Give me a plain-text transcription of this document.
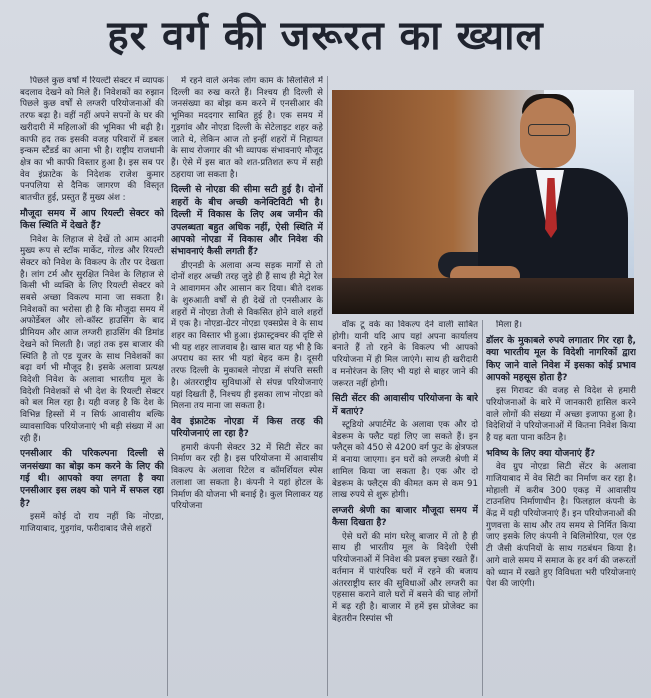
हर वर्ग की जरूरत का ख्याल

पिछले कुछ वर्षों में रियल्टी सेक्टर में व्यापक बदलाव देखने को मिले हैं। निवेशकों का रुझान पिछले कुछ वर्षों से लग्जरी परियोजनाओं की तरफ बढ़ा है। वहीं नहीं अपने सपनों के घर की खरीदारी में महिलाओं की भूमिका भी बढ़ी है। काफी हद तक इसकी वजह परिवारों में डबल इन्कम स्टैंडर्ड का आना भी है। राष्ट्रीय राजधानी क्षेत्र का भी काफी विस्तार हुआ है। इस सब पर वेव इंफ्राटेक के निदेशक राजेश कुमार पनपलिया से दैनिक जागरण की विस्तृत बातचीत हुई, प्रस्तुत हैं मुख्य अंश :

मौजूदा समय में आप रियल्टी सेक्टर को किस स्थिति में देखते हैं?

निवेश के लिहाज से देखें तो आम आदमी मुख्य रूप से स्टॉक मार्केट, गोल्ड और रियल्टी सेक्टर को निवेश के विकल्प के तौर पर देखता है। लांग टर्म और सुरक्षित निवेश के लिहाज से किसी भी व्यक्ति के लिए रियल्टी सेक्टर को सबसे अच्छा विकल्प माना जा सकता है। निवेशकों का भरोसा ही है कि मौजूदा समय में अफोर्डेबल और लो-कॉस्ट हाउसिंग के बाद प्रीमियम और आज लग्जरी हाउसिंग की डिमांड देखने को मिलती है। जहां तक इस बाजार की स्थिति है तो एड यूजर के साथ निवेशकों का बढ़ा वर्ग भी मौजूद है। इसके अलावा प्रत्यक्ष विदेशी निवेश के अलावा भारतीय मूल के विदेशी निवेशकों से भी देश के रियल्टी सेक्टर को बल मिल रहा है। यही वजह है कि देश के विभिन्न हिस्सों में न सिर्फ आवासीय बल्कि व्यावसायिक परियोजनाएं भी बड़ी संख्या में आ रही हैं।

एनसीआर की परिकल्पना दिल्ली से जनसंख्या का बोझ कम करने के लिए की गई थी। आपको क्या लगता है क्या एनसीआर इस लक्ष्य को पाने में सफल रहा है?

इसमें कोई दो राय नहीं कि नोएडा, गाजियाबाद, गुड़गांव, फरीदाबाद जैसे शहरों

में रहने वाले अनेक लोग काम के सिलसिले में दिल्ली का रुख करते हैं। निश्चय ही दिल्ली से जनसंख्या का बोझ कम करने में एनसीआर की भूमिका मददगार साबित हुई है। एक समय में गुड़गांव और नोएडा दिल्ली के सेटेलाइट शहर कहे जाते थे, लेकिन आज तो इन्हीं शहरों में निहायत के साथ रोजगार की भी व्यापक संभावनाएं मौजूद हैं। ऐसे में इस बात को शत-प्रतिशत रूप में सही ठहराया जा सकता है।

दिल्ली से नोएडा की सीमा सटी हुई है। दोनों शहरों के बीच अच्छी कनेक्टिविटी भी है। दिल्ली में विकास के लिए अब जमीन की उपलब्धता बहुत अधिक नहीं, ऐसी स्थिति में आपको नोएडा में विकास और निवेश की संभावनाएं कैसी लगती हैं?

डीएनडी के अलावा अन्य सड़क मार्गों से तो दोनों शहर अच्छी तरह जुड़े ही हैं साथ ही मेट्रो रेल ने आवागमन और आसान कर दिया। बीते दशक के शुरुआती वर्षों से ही देखें तो एनसीआर के शहरों में नोएडा तेजी से विकसित होने वाले शहरों में एक है। नोएडा-ग्रेटर नोएडा एक्सप्रेस वे के साथ शहर का विस्तार भी हुआ। इंफ्रास्ट्रक्चर की दृष्टि से भी यह शहर लाजवाब है। खास बात यह भी है कि अपराध का स्तर भी यहां बेहद कम है। दूसरी तरफ दिल्ली के मुकाबले नोएडा में संपत्ति सस्ती है। अंतरराष्ट्रीय सुविधाओं से संपन्न परियोजनाएं यहां दिखती हैं, निश्चय ही इसका लाभ नोएडा को मिलना तय माना जा सकता है।

वेव इंफ्राटेक नोएडा में किस तरह की परियोजनाएं ला रहा है?

हमारी कंपनी सेक्टर 32 में सिटी सेंटर का निर्माण कर रही है। इस परियोजना में आवासीय विकल्प के अलावा रिटेल व कॉमर्शियल स्पेस तलाशा जा सकता है। कंपनी ने यहां होटल के निर्माण की योजना भी बनाई है। कुल मिलाकर यह परियोजना

वॉक टू वर्क का विकल्प देने वाली साबित होगी। यानी यदि आप यहां अपना कार्यालय बनाते हैं तो रहने के विकल्प भी आपको परियोजना में ही मिल जाएंगे। साथ ही खरीदारी व मनोरंजन के लिए भी यहां से बाहर जाने की जरूरत नहीं होगी।

सिटी सेंटर की आवासीय परियोजना के बारे में बताएं?

स्टूडियो अपार्टमेंट के अलावा एक और दो बेडरूम के फ्लैट यहां लिए जा सकते हैं। इन फ्लैट्स को 450 से 4200 वर्ग फुट के क्षेत्रफल में बनाया जाएगा। इन घरों को लग्जरी श्रेणी में शामिल किया जा सकता है। एक और दो बेडरूम के फ्लैट्स की कीमत कम से कम 91 लाख रुपये से शुरू होगी।

लग्जरी श्रेणी का बाजार मौजूदा समय में कैसा दिखता है?

ऐसे घरों की मांग घरेलू बाजार में तो है ही साथ ही भारतीय मूल के विदेशी ऐसी परियोजनाओं में निवेश की प्रबल इच्छा रखते हैं। वर्तमान में पारंपरिक घरों में रहने की बजाय अंतरराष्ट्रीय स्तर की सुविधाओं और लग्जरी का एहसास कराने वाले घरों में बसने की चाह लोगों में बढ़ रही है। बाजार में हमें इस प्रोजेक्ट का बेहतरीन रिस्पांस भी

मिला है।

डॉलर के मुकाबले रुपये लगातार गिर रहा है, क्या भारतीय मूल के विदेशी नागरिकों द्वारा किए जाने वाले निवेश में इसका कोई प्रभाव आपको महसूस होता है?

इस गिरावट की वजह से विदेश से हमारी परियोजनाओं के बारे में जानकारी हासिल करने वाले लोगों की संख्या में अच्छा इजाफा हुआ है। विदेशियों ने परियोजनाओं में कितना निवेश किया है यह बता पाना कठिन है।

भविष्य के लिए क्या योजनाएं हैं?

वेव ग्रुप नोएडा सिटी सेंटर के अलावा गाजियाबाद में वेव सिटी का निर्माण कर रहा है। मोहाली में करीब 300 एकड़ में आवासीय टाउनशिप निर्माणाधीन है। फिलहाल कंपनी के केंद्र में यही परियोजनाएं हैं। इन परियोजनाओं की गुणवत्ता के साथ और तय समय से निर्मित किया जाए इसके लिए कंपनी ने बिलिमोरिया, एल एंड टी जैसी कंपनियों के साथ गठबंधन किया है। आगे वाले समय में समाज के हर वर्ग की जरूरतों को ध्यान में रखते हुए विविधता भरी परियोजनाएं पेश की जाएंगी।
